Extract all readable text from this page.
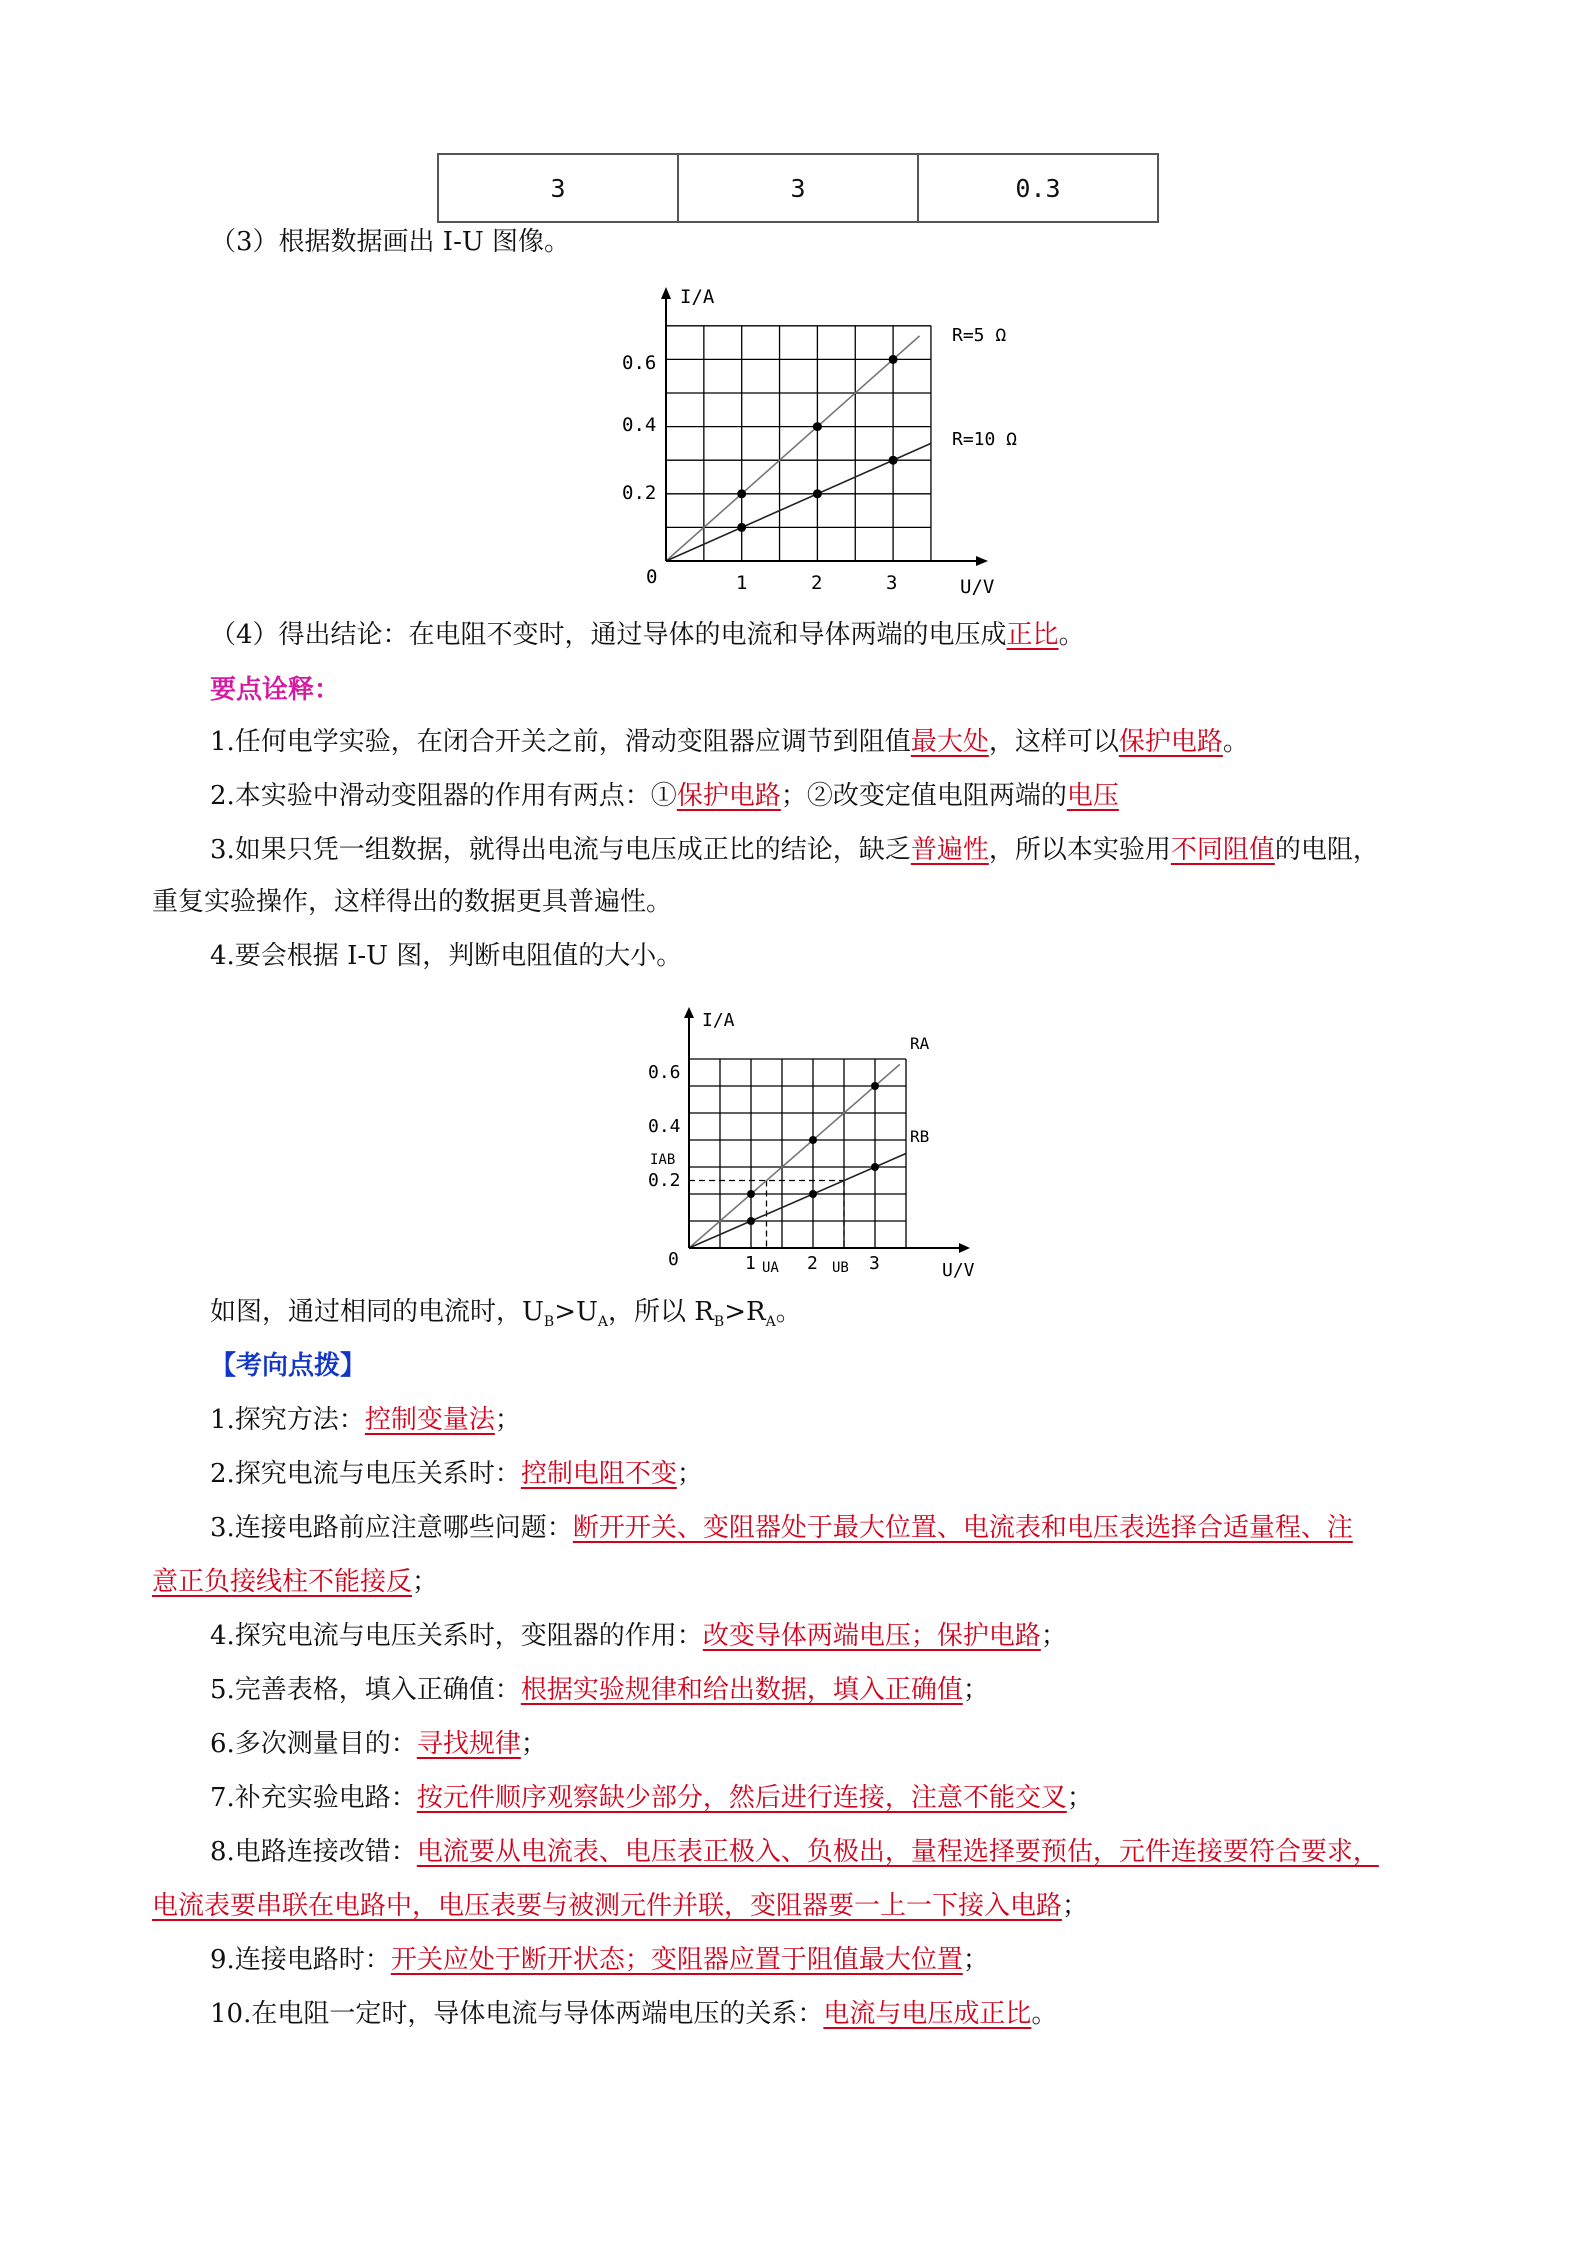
3	3	0.3
（3）根据数据画出 I-U 图像。
I/A
U/V
0
0.6
0.4
0.2
1	2	3
R=5 Ω
R=10 Ω
（4）得出结论：在电阻不变时，通过导体的电流和导体两端的电压成正比。
要点诠释：
1.任何电学实验，在闭合开关之前，滑动变阻器应调节到阻值最大处，这样可以保护电路。
2.本实验中滑动变阻器的作用有两点：①保护电路；②改变定值电阻两端的电压
3.如果只凭一组数据，就得出电流与电压成正比的结论，缺乏普遍性，所以本实验用不同阻值的电阻，
重复实验操作，这样得出的数据更具普遍性。
4.要会根据 I-U 图，判断电阻值的大小。
I/A
U/V
0
0.6
0.4
0.2
IAB
1	2	3
UA	UB
RA
RB
如图，通过相同的电流时，$U_B>U_A$，所以 $R_B>R_A$。
【考向点拨】
1.探究方法：控制变量法；
2.探究电流与电压关系时：控制电阻不变；
3.连接电路前应注意哪些问题：断开开关、变阻器处于最大位置、电流表和电压表选择合适量程、注
意正负接线柱不能接反；
4.探究电流与电压关系时，变阻器的作用：改变导体两端电压；保护电路；
5.完善表格，填入正确值：根据实验规律和给出数据，填入正确值；
6.多次测量目的：寻找规律；
7.补充实验电路：按元件顺序观察缺少部分，然后进行连接，注意不能交叉；
8.电路连接改错：电流要从电流表、电压表正极入、负极出，量程选择要预估，元件连接要符合要求，
电流表要串联在电路中，电压表要与被测元件并联，变阻器要一上一下接入电路；
9.连接电路时：开关应处于断开状态；变阻器应置于阻值最大位置；
10.在电阻一定时，导体电流与导体两端电压的关系：电流与电压成正比。
